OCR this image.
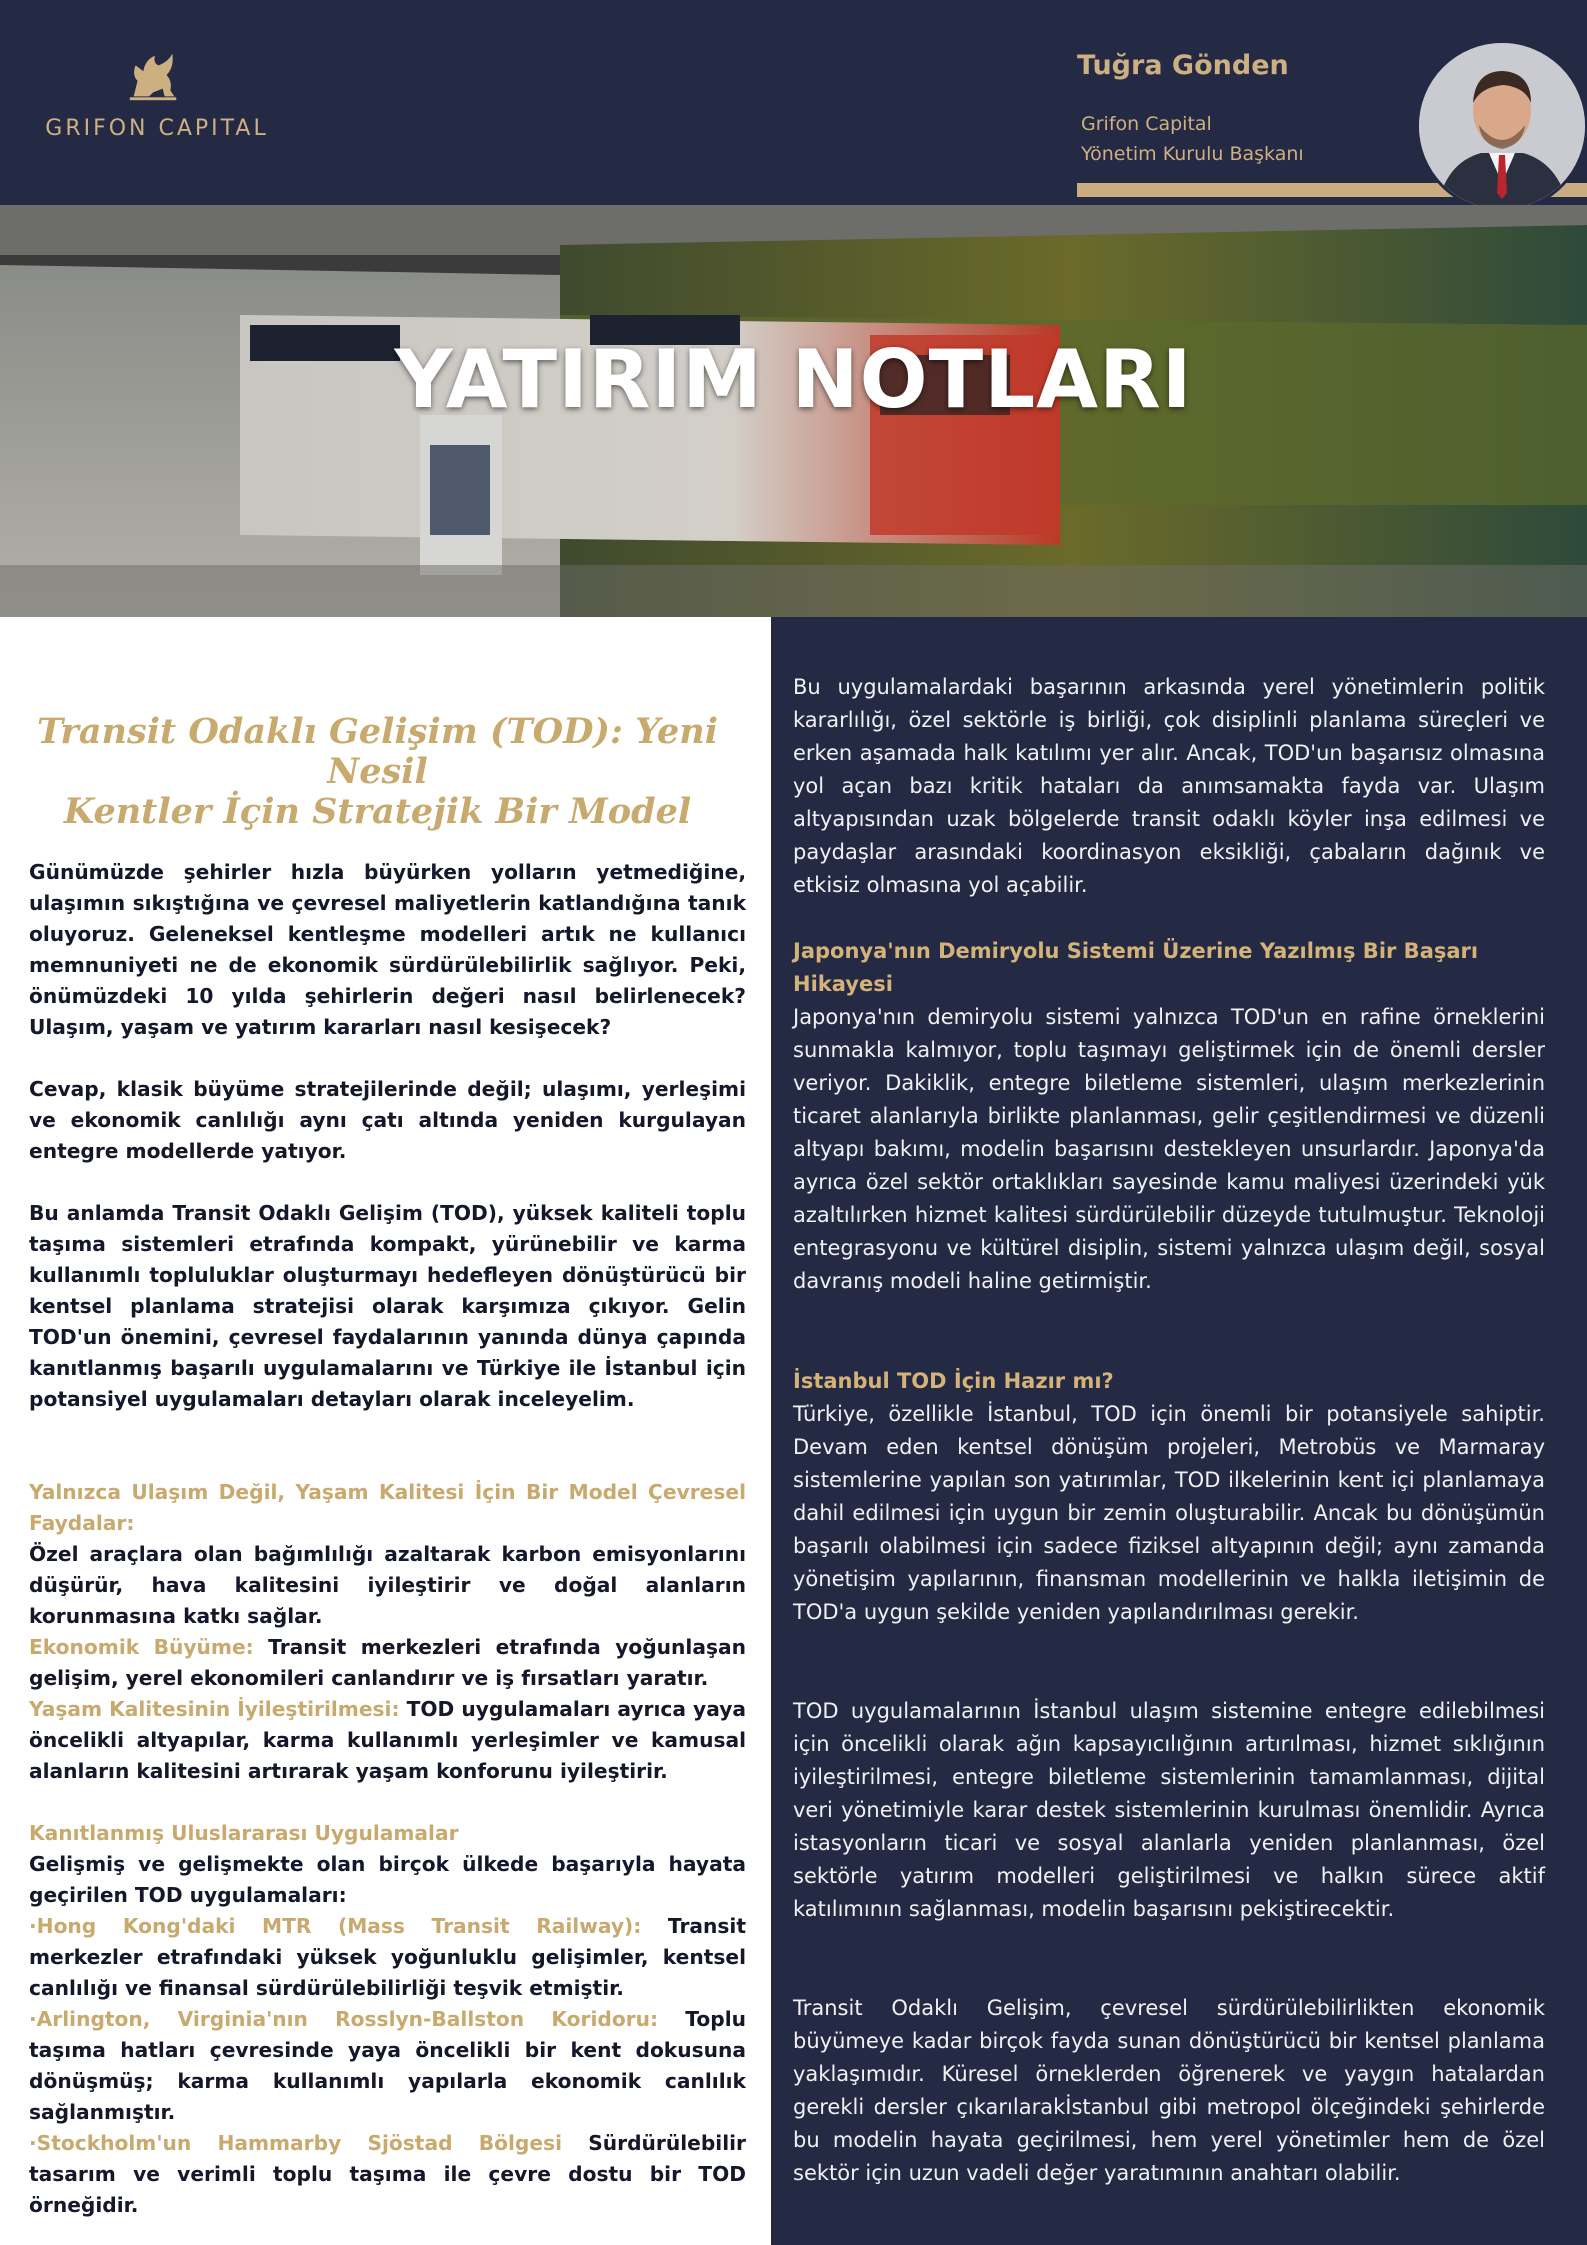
GRIFON CAPITAL
Tuğra Gönden
Grifon Capital
Yönetim Kurulu Başkanı
YATIRIM NOTLARI
Transit Odaklı Gelişim (TOD): Yeni Nesil
Kentler İçin Stratejik Bir Model

Günümüzde şehirler hızla büyürken yolların yetmediğine, ulaşımın sıkıştığına ve çevresel maliyetlerin katlandığına tanık oluyoruz. Geleneksel kentleşme modelleri artık ne kullanıcı memnuniyeti ne de ekonomik sürdürülebilirlik sağlıyor. Peki, önümüzdeki 10 yılda şehirlerin değeri nasıl belirlenecek? Ulaşım, yaşam ve yatırım kararları nasıl kesişecek?

Cevap, klasik büyüme stratejilerinde değil; ulaşımı, yerleşimi ve ekonomik canlılığı aynı çatı altında yeniden kurgulayan entegre modellerde yatıyor.

Bu anlamda Transit Odaklı Gelişim (TOD), yüksek kaliteli toplu taşıma sistemleri etrafında kompakt, yürünebilir ve karma kullanımlı topluluklar oluşturmayı hedefleyen dönüştürücü bir kentsel planlama stratejisi olarak karşımıza çıkıyor. Gelin TOD'un önemini, çevresel faydalarının yanında dünya çapında kanıtlanmış başarılı uygulamalarını ve Türkiye ile İstanbul için potansiyel uygulamaları detayları olarak inceleyelim.

Yalnızca Ulaşım Değil, Yaşam Kalitesi İçin Bir Model Çevresel Faydalar:

Özel araçlara olan bağımlılığı azaltarak karbon emisyonlarını düşürür, hava kalitesini iyileştirir ve doğal alanların korunmasına katkı sağlar.

Ekonomik Büyüme: Transit merkezleri etrafında yoğunlaşan gelişim, yerel ekonomileri canlandırır ve iş fırsatları yaratır.

Yaşam Kalitesinin İyileştirilmesi: TOD uygulamaları ayrıca yaya öncelikli altyapılar, karma kullanımlı yerleşimler ve kamusal alanların kalitesini artırarak yaşam konforunu iyileştirir.

Kanıtlanmış Uluslararası Uygulamalar

Gelişmiş ve gelişmekte olan birçok ülkede başarıyla hayata geçirilen TOD uygulamaları:

·Hong Kong'daki MTR (Mass Transit Railway): Transit merkezler etrafındaki yüksek yoğunluklu gelişimler, kentsel canlılığı ve finansal sürdürülebilirliği teşvik etmiştir.

·Arlington, Virginia'nın Rosslyn-Ballston Koridoru: Toplu taşıma hatları çevresinde yaya öncelikli bir kent dokusuna dönüşmüş; karma kullanımlı yapılarla ekonomik canlılık sağlanmıştır.

·Stockholm'un Hammarby Sjöstad Bölgesi Sürdürülebilir tasarım ve verimli toplu taşıma ile çevre dostu bir TOD örneğidir.

Bu uygulamalardaki başarının arkasında yerel yönetimlerin politik kararlılığı, özel sektörle iş birliği, çok disiplinli planlama süreçleri ve erken aşamada halk katılımı yer alır. Ancak, TOD'un başarısız olmasına yol açan bazı kritik hataları da anımsamakta fayda var. Ulaşım altyapısından uzak bölgelerde transit odaklı köyler inşa edilmesi ve paydaşlar arasındaki koordinasyon eksikliği, çabaların dağınık ve etkisiz olmasına yol açabilir.

Japonya'nın Demiryolu Sistemi Üzerine Yazılmış Bir Başarı Hikayesi

Japonya'nın demiryolu sistemi yalnızca TOD'un en rafine örneklerini sunmakla kalmıyor, toplu taşımayı geliştirmek için de önemli dersler veriyor. Dakiklik, entegre biletleme sistemleri, ulaşım merkezlerinin ticaret alanlarıyla birlikte planlanması, gelir çeşitlendirmesi ve düzenli altyapı bakımı, modelin başarısını destekleyen unsurlardır. Japonya'da ayrıca özel sektör ortaklıkları sayesinde kamu maliyesi üzerindeki yük azaltılırken hizmet kalitesi sürdürülebilir düzeyde tutulmuştur. Teknoloji entegrasyonu ve kültürel disiplin, sistemi yalnızca ulaşım değil, sosyal davranış modeli haline getirmiştir.

İstanbul TOD İçin Hazır mı?

Türkiye, özellikle İstanbul, TOD için önemli bir potansiyele sahiptir. Devam eden kentsel dönüşüm projeleri, Metrobüs ve Marmaray sistemlerine yapılan son yatırımlar, TOD ilkelerinin kent içi planlamaya dahil edilmesi için uygun bir zemin oluşturabilir. Ancak bu dönüşümün başarılı olabilmesi için sadece fiziksel altyapının değil; aynı zamanda yönetişim yapılarının, finansman modellerinin ve halkla iletişimin de TOD'a uygun şekilde yeniden yapılandırılması gerekir.

TOD uygulamalarının İstanbul ulaşım sistemine entegre edilebilmesi için öncelikli olarak ağın kapsayıcılığının artırılması, hizmet sıklığının iyileştirilmesi, entegre biletleme sistemlerinin tamamlanması, dijital veri yönetimiyle karar destek sistemlerinin kurulması önemlidir. Ayrıca istasyonların ticari ve sosyal alanlarla yeniden planlanması, özel sektörle yatırım modelleri geliştirilmesi ve halkın sürece aktif katılımının sağlanması, modelin başarısını pekiştirecektir.

Transit Odaklı Gelişim, çevresel sürdürülebilirlikten ekonomik büyümeye kadar birçok fayda sunan dönüştürücü bir kentsel planlama yaklaşımıdır. Küresel örneklerden öğrenerek ve yaygın hatalardan gerekli dersler çıkarılarakİstanbul gibi metropol ölçeğindeki şehirlerde bu modelin hayata geçirilmesi, hem yerel yönetimler hem de özel sektör için uzun vadeli değer yaratımının anahtarı olabilir.
